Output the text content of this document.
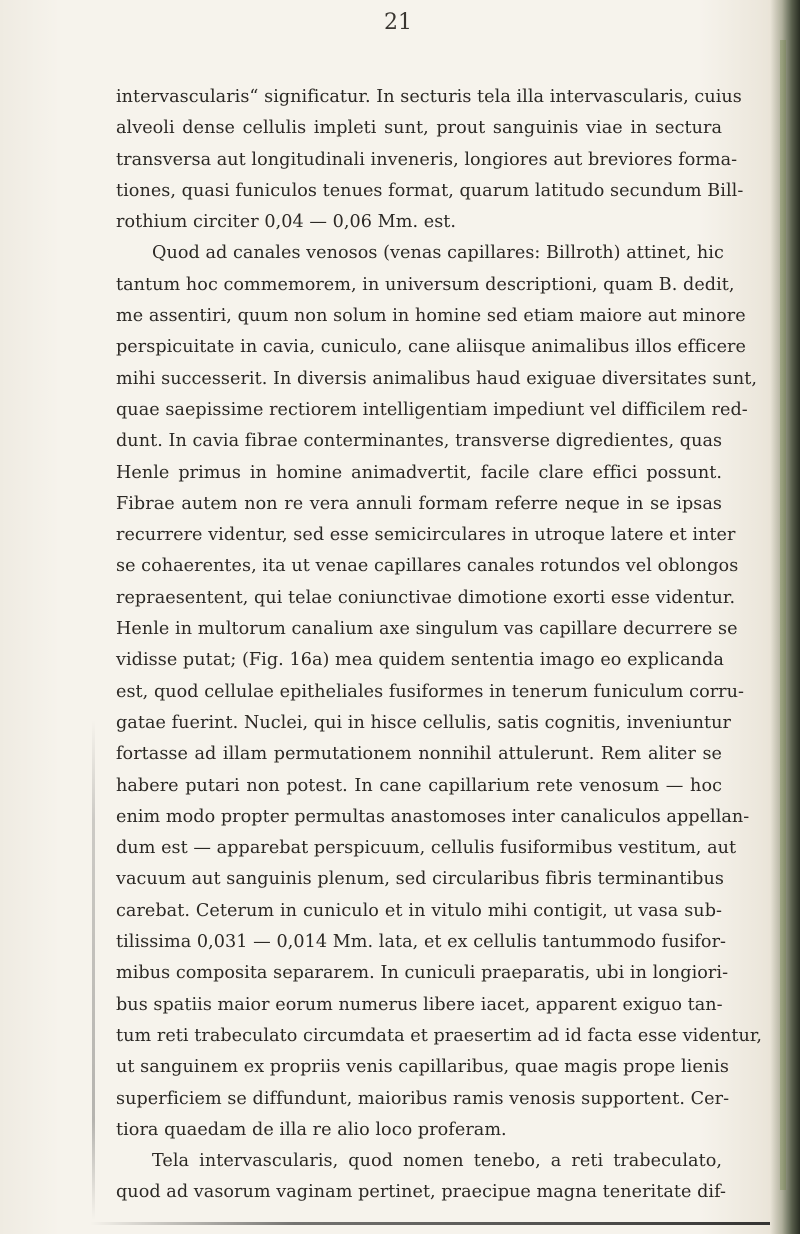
21
intervascularis“ significatur. In secturis tela illa intervascularis, cuius
alveoli dense cellulis impleti sunt, prout sanguinis viae in sectura
transversa aut longitudinali inveneris, longiores aut breviores forma-
tiones, quasi funiculos tenues format, quarum latitudo secundum Bill-
rothium circiter 0,04 — 0,06 Mm. est.
Quod ad canales venosos (venas capillares: Billroth) attinet, hic
tantum hoc commemorem, in universum descriptioni, quam B. dedit,
me assentiri, quum non solum in homine sed etiam maiore aut minore
perspicuitate in cavia, cuniculo, cane aliisque animalibus illos efficere
mihi successerit. In diversis animalibus haud exiguae diversitates sunt,
quae saepissime rectiorem intelligentiam impediunt vel difficilem red-
dunt. In cavia fibrae conterminantes, transverse digredientes, quas
Henle primus in homine animadvertit, facile clare effici possunt.
Fibrae autem non re vera annuli formam referre neque in se ipsas
recurrere videntur, sed esse semicirculares in utroque latere et inter
se cohaerentes, ita ut venae capillares canales rotundos vel oblongos
repraesentent, qui telae coniunctivae dimotione exorti esse videntur.
Henle in multorum canalium axe singulum vas capillare decurrere se
vidisse putat; (Fig. 16a) mea quidem sententia imago eo explicanda
est, quod cellulae epitheliales fusiformes in tenerum funiculum corru-
gatae fuerint. Nuclei, qui in hisce cellulis, satis cognitis, inveniuntur
fortasse ad illam permutationem nonnihil attulerunt. Rem aliter se
habere putari non potest. In cane capillarium rete venosum — hoc
enim modo propter permultas anastomoses inter canaliculos appellan-
dum est — apparebat perspicuum, cellulis fusiformibus vestitum, aut
vacuum aut sanguinis plenum, sed circularibus fibris terminantibus
carebat. Ceterum in cuniculo et in vitulo mihi contigit, ut vasa sub-
tilissima 0,031 — 0,014 Mm. lata, et ex cellulis tantummodo fusifor-
mibus composita separarem. In cuniculi praeparatis, ubi in longiori-
bus spatiis maior eorum numerus libere iacet, apparent exiguo tan-
tum reti trabeculato circumdata et praesertim ad id facta esse videntur,
ut sanguinem ex propriis venis capillaribus, quae magis prope lienis
superficiem se diffundunt, maioribus ramis venosis supportent. Cer-
tiora quaedam de illa re alio loco proferam.
Tela intervascularis, quod nomen tenebo, a reti trabeculato,
quod ad vasorum vaginam pertinet, praecipue magna teneritate dif-
